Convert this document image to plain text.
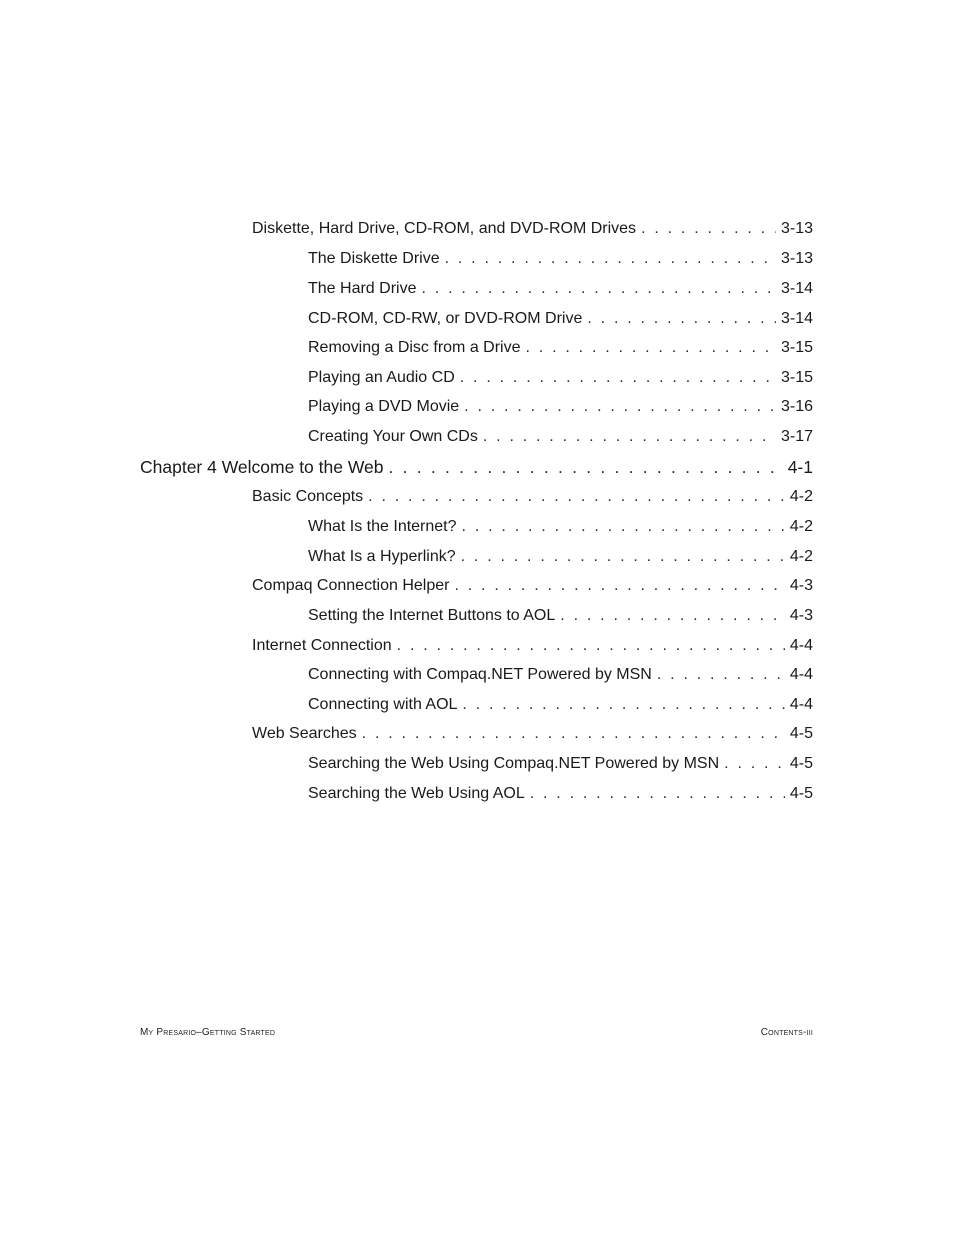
Diskette, Hard Drive, CD-ROM, and DVD-ROM Drives . . .	3-13
The Diskette Drive . . .	3-13
The Hard Drive . . .	3-14
CD-ROM, CD-RW, or DVD-ROM Drive . . .	3-14
Removing a Disc from a Drive . . .	3-15
Playing an Audio CD . . .	3-15
Playing a DVD Movie . . .	3-16
Creating Your Own CDs . . .	3-17
Chapter 4 Welcome to the Web . . .	4-1
Basic Concepts . . .	4-2
What Is the Internet? . . .	4-2
What Is a Hyperlink? . . .	4-2
Compaq Connection Helper . . .	4-3
Setting the Internet Buttons to AOL . . .	4-3
Internet Connection . . .	4-4
Connecting with Compaq.NET Powered by MSN . . .	4-4
Connecting with AOL . . .	4-4
Web Searches . . .	4-5
Searching the Web Using Compaq.NET Powered by MSN . . .	4-5
Searching the Web Using AOL . . .	4-5
My Presario–Getting Started	Contents-iii
